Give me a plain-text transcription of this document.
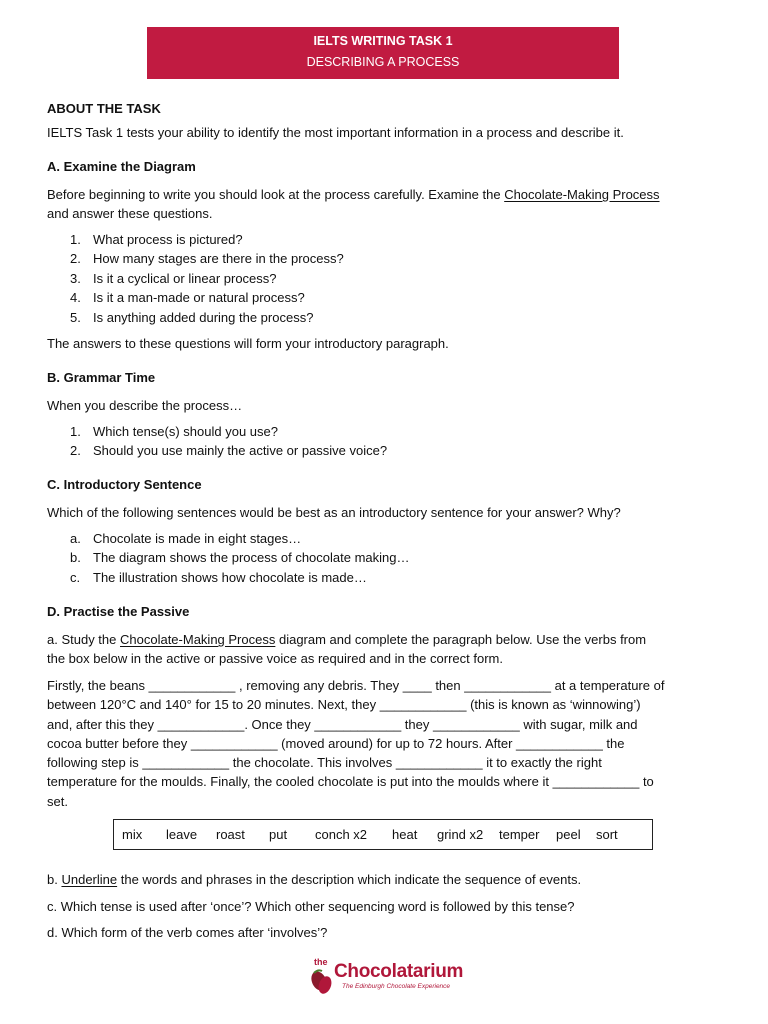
IELTS WRITING TASK 1
DESCRIBING A PROCESS
ABOUT THE TASK
IELTS Task 1 tests your ability to identify the most important information in a process and describe it.
A. Examine the Diagram
Before beginning to write you should look at the process carefully. Examine the Chocolate-Making Process
and answer these questions.
1. What process is pictured?
2. How many stages are there in the process?
3. Is it a cyclical or linear process?
4. Is it a man-made or natural process?
5. Is anything added during the process?
The answers to these questions will form your introductory paragraph.
B. Grammar Time
When you describe the process…
1. Which tense(s) should you use?
2. Should you use mainly the active or passive voice?
C. Introductory Sentence
Which of the following sentences would be best as an introductory sentence for your answer? Why?
a. Chocolate is made in eight stages…
b. The diagram shows the process of chocolate making…
c. The illustration shows how chocolate is made…
D. Practise the Passive
a. Study the Chocolate-Making Process diagram and complete the paragraph below. Use the verbs from
the box below in the active or passive voice as required and in the correct form.
Firstly, the beans ____________ , removing any debris. They ____ then ____________ at a temperature of
between 120°C and 140° for 15 to 20 minutes. Next, they ____________ (this is known as ‘winnowing’)
and, after this they ____________. Once they ____________ they ____________ with sugar, milk and
cocoa butter before they ____________ (moved around) for up to 72 hours. After ____________ the
following step is ____________ the chocolate. This involves ____________ it to exactly the right
temperature for the moulds. Finally, the cooled chocolate is put into the moulds where it ____________ to
set.
mix leave roast put conch x2 heat grind x2 temper peel sort
b. Underline the words and phrases in the description which indicate the sequence of events.
c. Which tense is used after ‘once’? Which other sequencing word is followed by this tense?
d. Which form of the verb comes after ‘involves’?
the Chocolatarium
The Edinburgh Chocolate Experience
